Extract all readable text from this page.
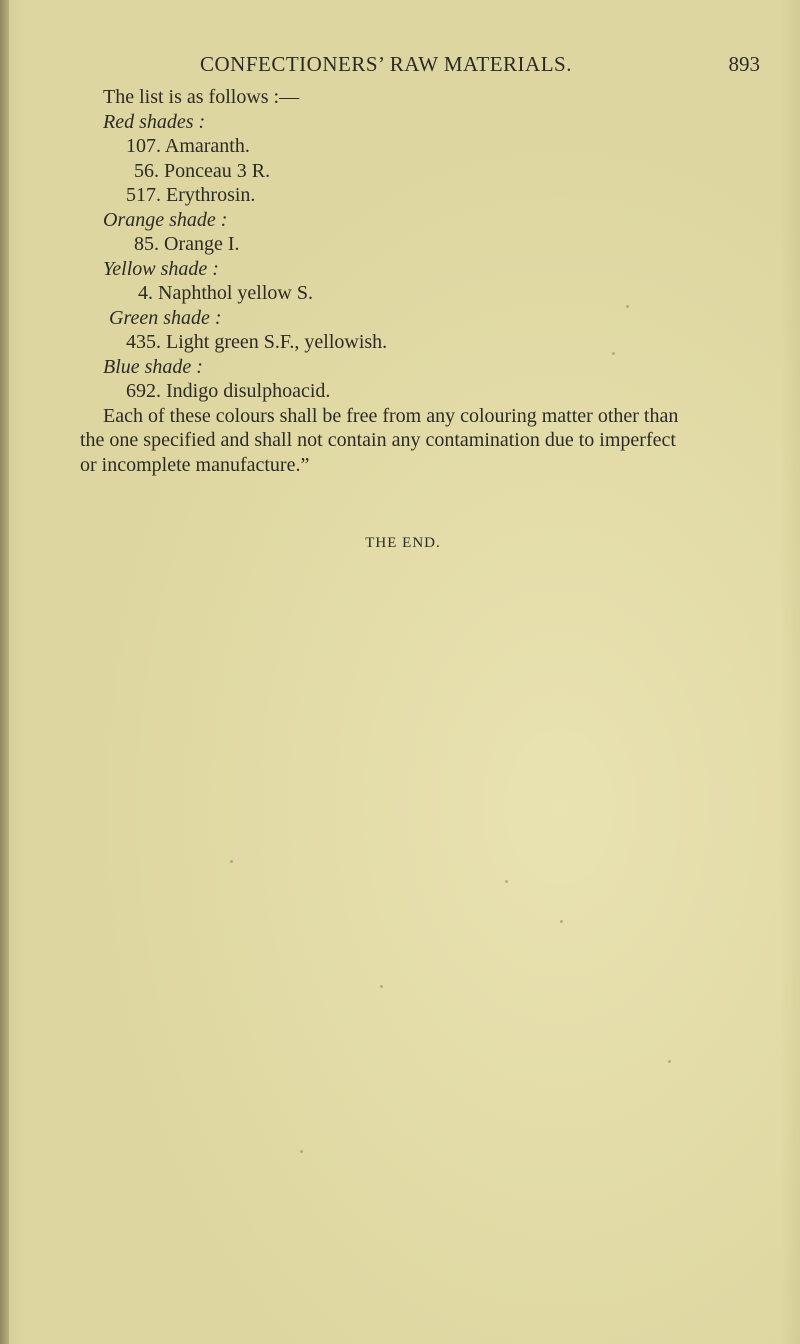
CONFECTIONERS’ RAW MATERIALS.	893
The list is as follows :—
Red shades :
107. Amaranth.
56. Ponceau 3 R.
517. Erythrosin.
Orange shade :
85. Orange I.
Yellow shade :
4. Naphthol yellow S.
Green shade :
435. Light green S.F., yellowish.
Blue shade :
692. Indigo disulphoacid.
Each of these colours shall be free from any colouring matter other than
the one specified and shall not contain any contamination due to imperfect
or incomplete manufacture.”
THE END.
